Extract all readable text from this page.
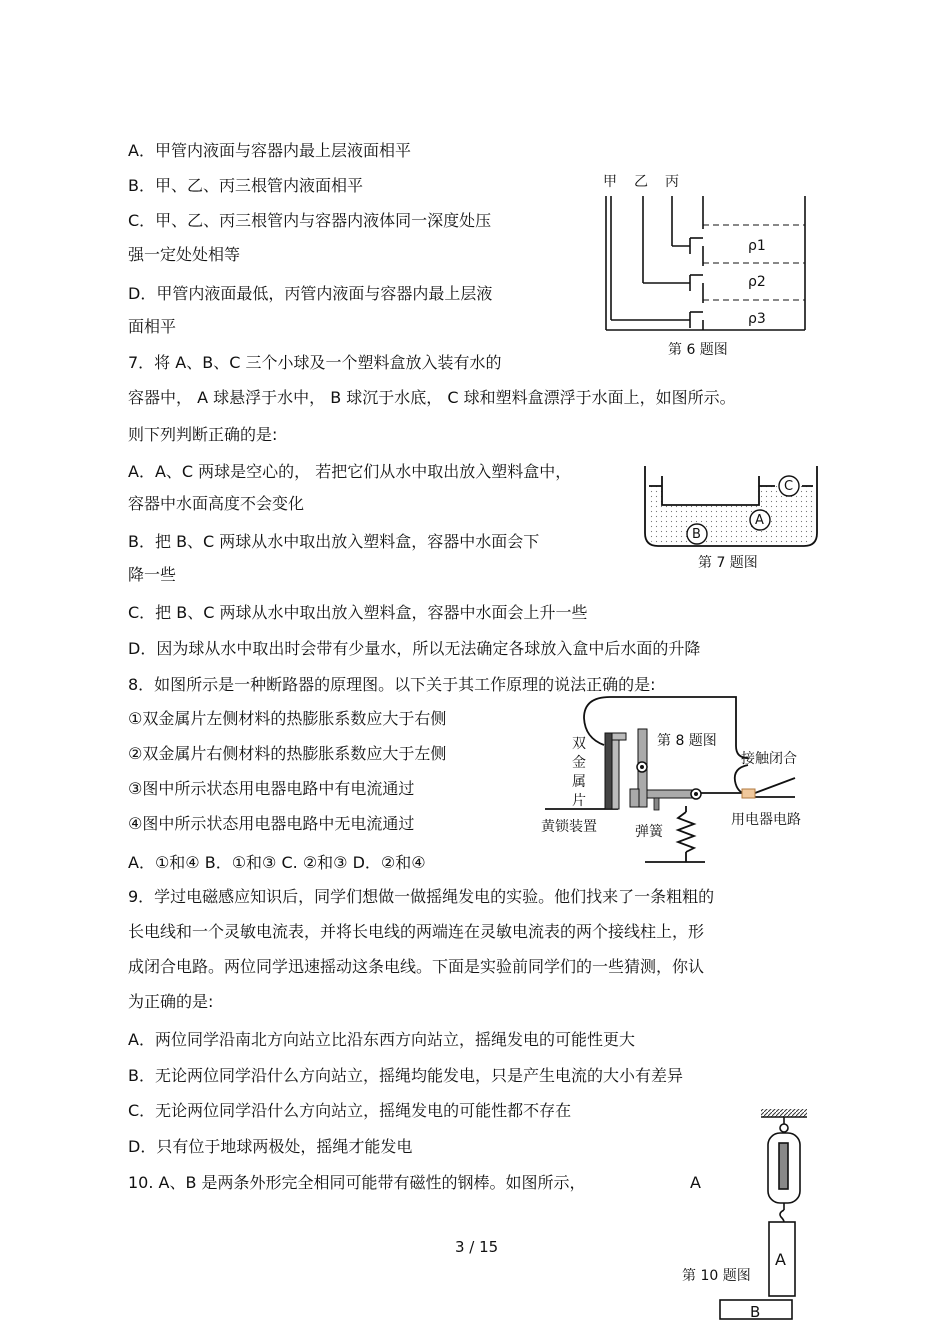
A．甲管内液面与容器内最上层液面相平
B．甲、乙、丙三根管内液面相平
C．甲、乙、丙三根管内与容器内液体同一深度处压
强一定处处相等
D．甲管内液面最低，丙管内液面与容器内最上层液
面相平
甲 乙 丙
ρ1
ρ2
ρ3
第 6 题图
7．将 A、B、C 三个小球及一个塑料盒放入装有水的
容器中， A 球悬浮于水中， B 球沉于水底， C 球和塑料盒漂浮于水面上，如图所示。
则下列判断正确的是:
A．A、C 两球是空心的， 若把它们从水中取出放入塑料盒中，
容器中水面高度不会变化
B．把 B、C 两球从水中取出放入塑料盒，容器中水面会下
降一些
C．把 B、C 两球从水中取出放入塑料盒，容器中水面会上升一些
D．因为球从水中取出时会带有少量水，所以无法确定各球放入盒中后水面的升降
C
A
B
第 7 题图
8．如图所示是一种断路器的原理图。以下关于其工作原理的说法正确的是:
①双金属片左侧材料的热膨胀系数应大于右侧
②双金属片右侧材料的热膨胀系数应大于左侧
③图中所示状态用电器电路中有电流通过
④图中所示状态用电器电路中无电流通过
A．①和④ B．①和③ C. ②和③ D．②和④
第 8 题图
双
金
属
片
接触闭合
黄锁装置	弹簧
用电器电路
9．学过电磁感应知识后，同学们想做一做摇绳发电的实验。他们找来了一条粗粗的
长电线和一个灵敏电流表，并将长电线的两端连在灵敏电流表的两个接线柱上，形
成闭合电路。两位同学迅速摇动这条电线。下面是实验前同学们的一些猜测，你认
为正确的是:
A．两位同学沿南北方向站立比沿东西方向站立，摇绳发电的可能性更大
B．无论两位同学沿什么方向站立，摇绳均能发电，只是产生电流的大小有差异
C．无论两位同学沿什么方向站立，摇绳发电的可能性都不存在
D．只有位于地球两极处，摇绳才能发电
10. A、B 是两条外形完全相同可能带有磁性的钢棒。如图所示，	A
A
B
第 10 题图
3 / 15
